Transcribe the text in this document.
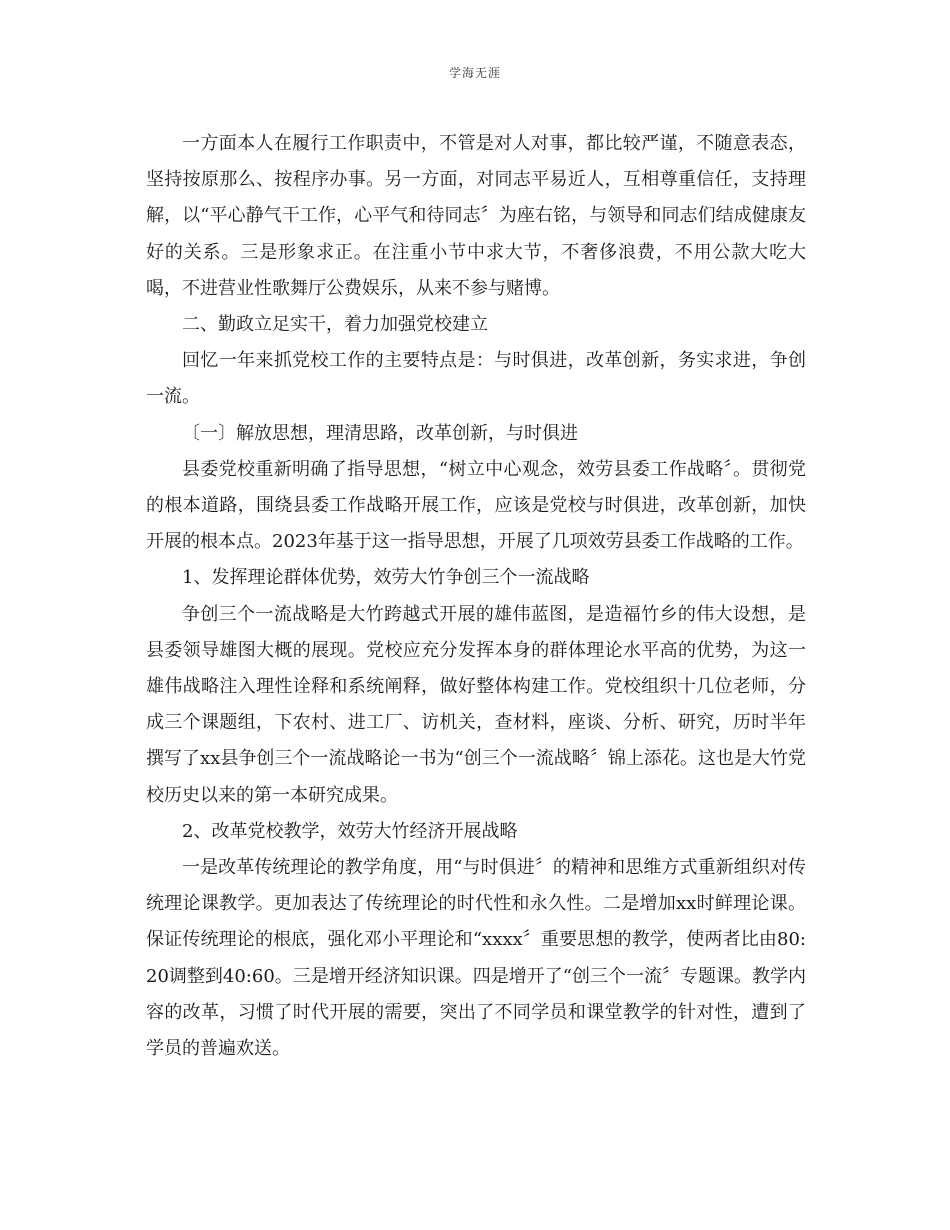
学海无涯

一方面本人在履行工作职责中，不管是对人对事，都比较严谨，不随意表态，坚持按原那么、按程序办事。另一方面，对同志平易近人，互相尊重信任，支持理解，以“平心静气干工作，心平气和待同志〞为座右铭，与领导和同志们结成健康友好的关系。三是形象求正。在注重小节中求大节，不奢侈浪费，不用公款大吃大喝，不进营业性歌舞厅公费娱乐，从来不参与赌博。

二、勤政立足实干，着力加强党校建立

回忆一年来抓党校工作的主要特点是：与时俱进，改革创新，务实求进，争创一流。

〔一〕解放思想，理清思路，改革创新，与时俱进

县委党校重新明确了指导思想，“树立中心观念，效劳县委工作战略〞。贯彻党的根本道路，围绕县委工作战略开展工作，应该是党校与时俱进，改革创新，加快开展的根本点。2023年基于这一指导思想，开展了几项效劳县委工作战略的工作。

1、发挥理论群体优势，效劳大竹争创三个一流战略

争创三个一流战略是大竹跨越式开展的雄伟蓝图，是造福竹乡的伟大设想，是县委领导雄图大概的展现。党校应充分发挥本身的群体理论水平高的优势，为这一雄伟战略注入理性诠释和系统阐释，做好整体构建工作。党校组织十几位老师，分成三个课题组，下农村、进工厂、访机关，查材料，座谈、分析、研究，历时半年撰写了xx县争创三个一流战略论一书为“创三个一流战略〞锦上添花。这也是大竹党校历史以来的第一本研究成果。

2、改革党校教学，效劳大竹经济开展战略

一是改革传统理论的教学角度，用“与时俱进〞的精神和思维方式重新组织对传统理论课教学。更加表达了传统理论的时代性和永久性。二是增加xx时鲜理论课。保证传统理论的根底，强化邓小平理论和“xxxx〞重要思想的教学，使两者比由80:20调整到40:60。三是增开经济知识课。四是增开了“创三个一流〞专题课。教学内容的改革，习惯了时代开展的需要，突出了不同学员和课堂教学的针对性，遭到了学员的普遍欢送。
